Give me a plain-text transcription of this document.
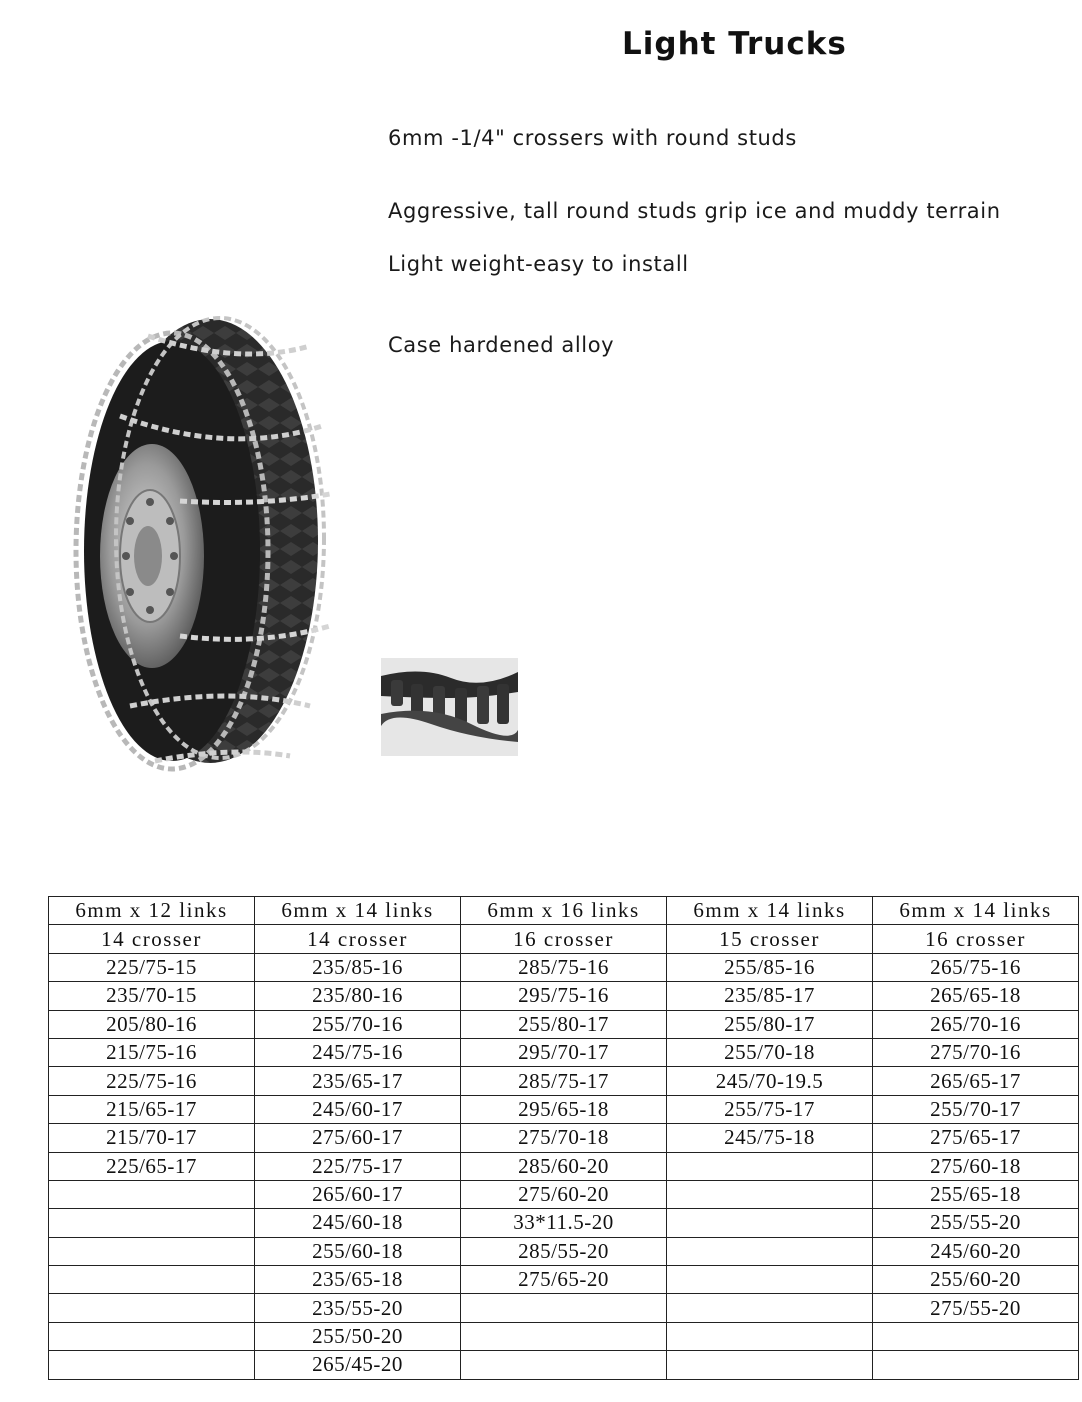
Light Trucks
6mm -1/4" crossers with round studs
Aggressive, tall round studs grip ice and muddy terrain
Light weight-easy to install
Case hardened alloy
6mm x 12 links	6mm x 14 links	6mm x 16 links	6mm x 14 links	6mm x 14 links
14 crosser	14 crosser	16 crosser	15 crosser	16 crosser
225/75-15	235/85-16	285/75-16	255/85-16	265/75-16
235/70-15	235/80-16	295/75-16	235/85-17	265/65-18
205/80-16	255/70-16	255/80-17	255/80-17	265/70-16
215/75-16	245/75-16	295/70-17	255/70-18	275/70-16
225/75-16	235/65-17	285/75-17	245/70-19.5	265/65-17
215/65-17	245/60-17	295/65-18	255/75-17	255/70-17
215/70-17	275/60-17	275/70-18	245/75-18	275/65-17
225/65-17	225/75-17	285/60-20		275/60-18
	265/60-17	275/60-20		255/65-18
	245/60-18	33*11.5-20		255/55-20
	255/60-18	285/55-20		245/60-20
	235/65-18	275/65-20		255/60-20
	235/55-20			275/55-20
	255/50-20			
	265/45-20			
